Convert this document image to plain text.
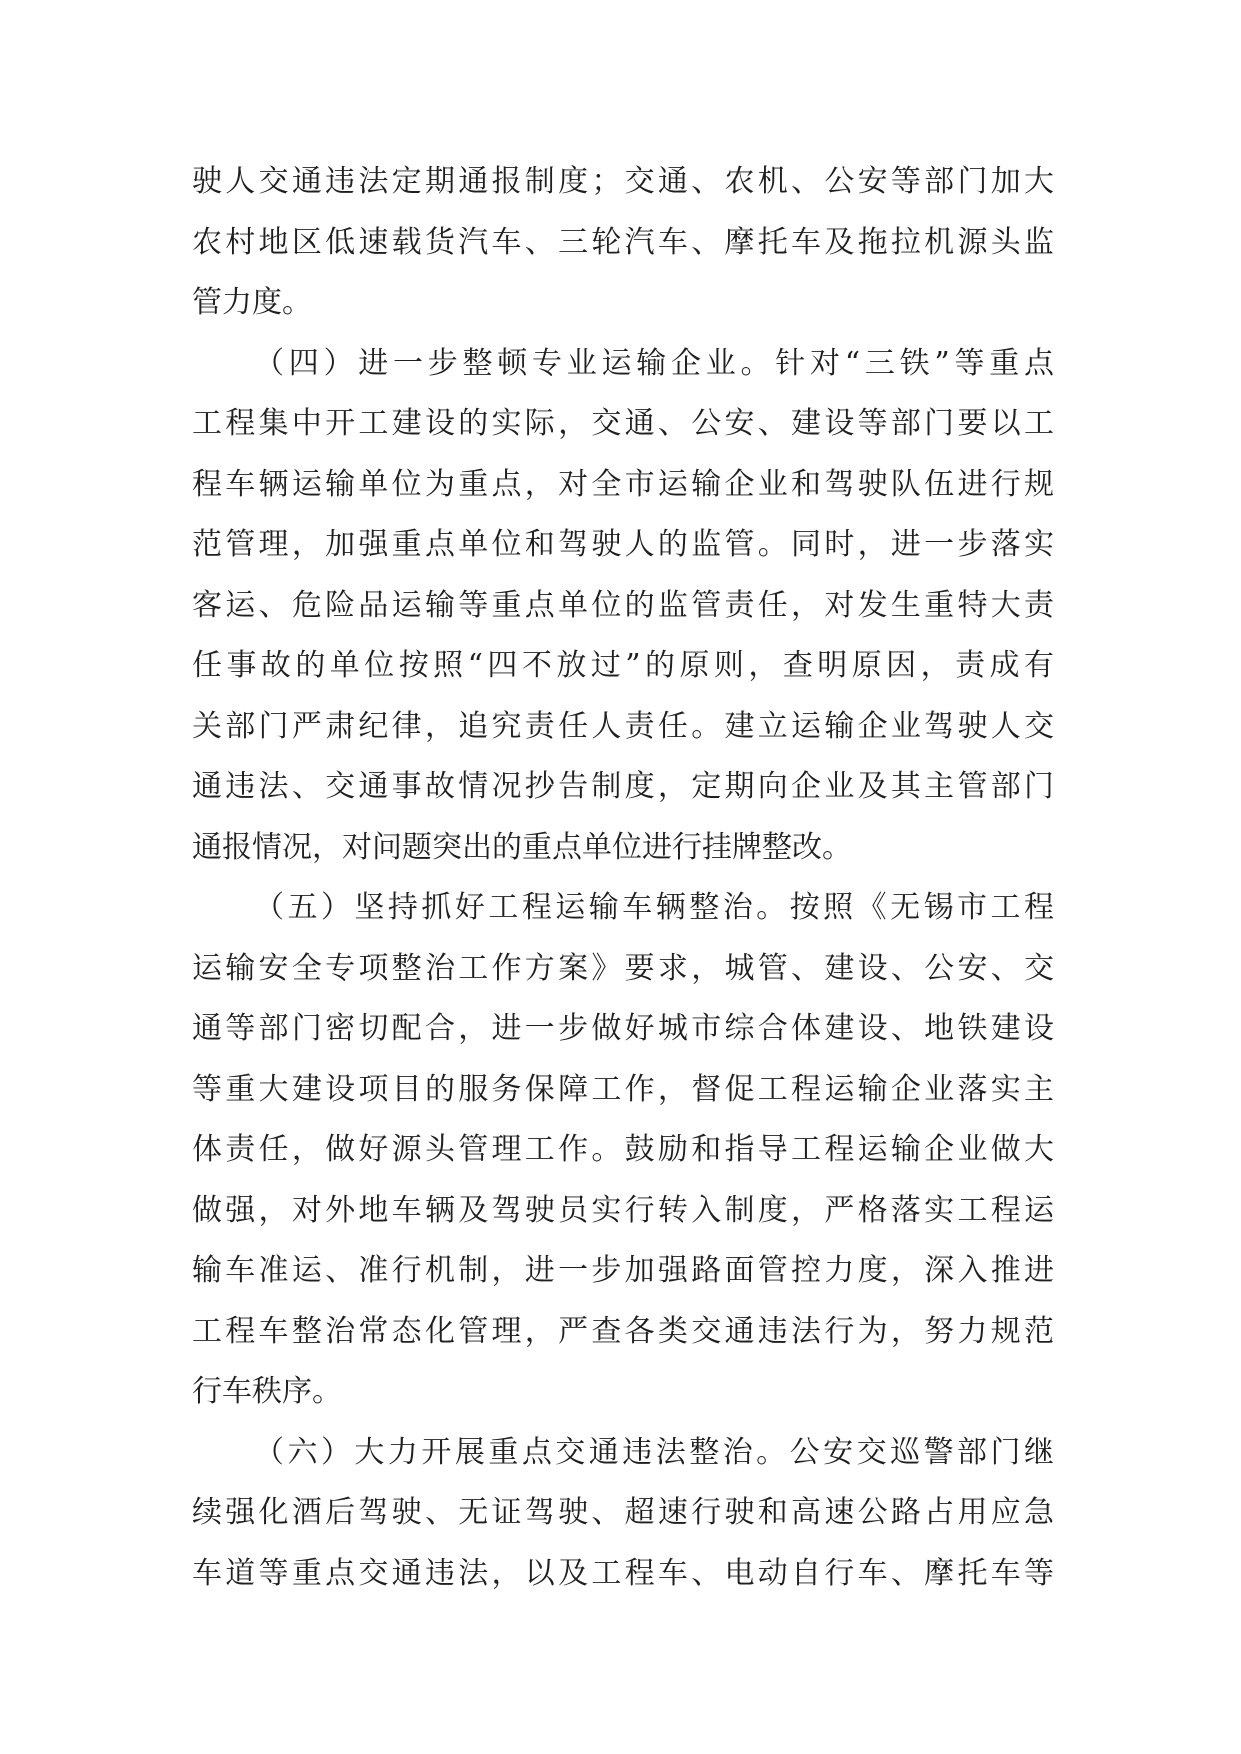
驶人交通违法定期通报制度；交通、农机、公安等部门加大
农村地区低速载货汽车、三轮汽车、摩托车及拖拉机源头监
管力度。
（四）进一步整顿专业运输企业。针对“三铁”等重点
工程集中开工建设的实际，交通、公安、建设等部门要以工
程车辆运输单位为重点，对全市运输企业和驾驶队伍进行规
范管理，加强重点单位和驾驶人的监管。同时，进一步落实
客运、危险品运输等重点单位的监管责任，对发生重特大责
任事故的单位按照“四不放过”的原则，查明原因，责成有
关部门严肃纪律，追究责任人责任。建立运输企业驾驶人交
通违法、交通事故情况抄告制度，定期向企业及其主管部门
通报情况，对问题突出的重点单位进行挂牌整改。
（五）坚持抓好工程运输车辆整治。按照《无锡市工程
运输安全专项整治工作方案》要求，城管、建设、公安、交
通等部门密切配合，进一步做好城市综合体建设、地铁建设
等重大建设项目的服务保障工作，督促工程运输企业落实主
体责任，做好源头管理工作。鼓励和指导工程运输企业做大
做强，对外地车辆及驾驶员实行转入制度，严格落实工程运
输车准运、准行机制，进一步加强路面管控力度，深入推进
工程车整治常态化管理，严查各类交通违法行为，努力规范
行车秩序。
（六）大力开展重点交通违法整治。公安交巡警部门继
续强化酒后驾驶、无证驾驶、超速行驶和高速公路占用应急
车道等重点交通违法，以及工程车、电动自行车、摩托车等
